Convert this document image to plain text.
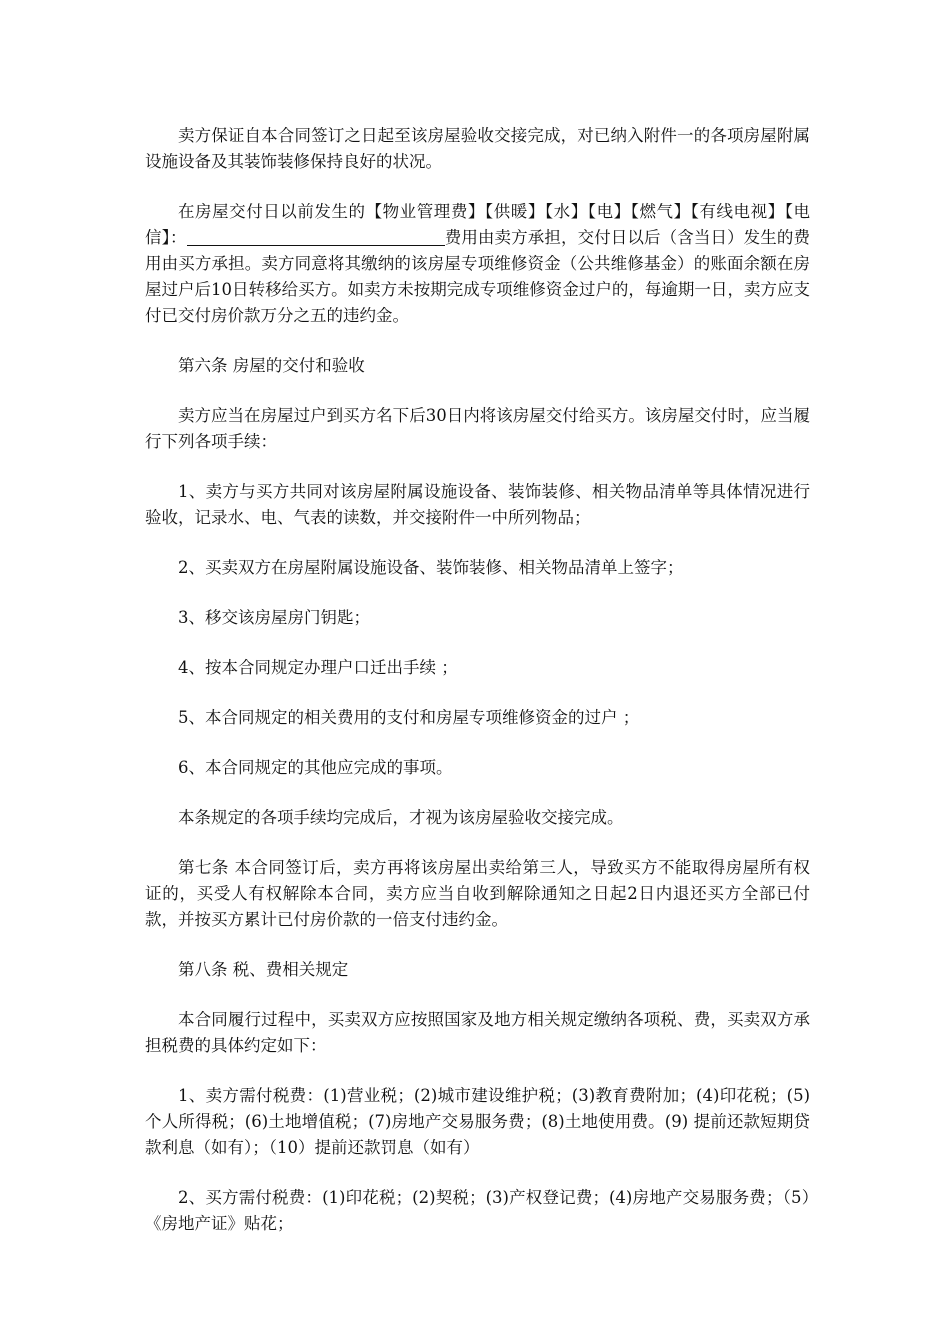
卖方保证自本合同签订之日起至该房屋验收交接完成，对已纳入附件一的各项房屋附属设施设备及其装饰装修保持良好的状况。

在房屋交付日以前发生的【物业管理费】【供暖】【水】【电】【燃气】【有线电视】【电 信】：	费用由卖方承担，交付日以后（含当日）发生的费用由买方承担。卖方同意将其缴纳的该房屋专项维修资金（公共维修基金）的账面余额在房屋过户后10日转移给买方。如卖方未按期完成专项维修资金过户的，每逾期一日，卖方应支付已交付房价款万分之五的违约金。

第六条 房屋的交付和验收

卖方应当在房屋过户到买方名下后30日内将该房屋交付给买方。该房屋交付时，应当履行下列各项手续：

1、卖方与买方共同对该房屋附属设施设备、装饰装修、相关物品清单等具体情况进行验收，记录水、电、气表的读数，并交接附件一中所列物品；

2、买卖双方在房屋附属设施设备、装饰装修、相关物品清单上签字；

3、移交该房屋房门钥匙；

4、按本合同规定办理户口迁出手续 ；

5、本合同规定的相关费用的支付和房屋专项维修资金的过户 ；

6、本合同规定的其他应完成的事项。

本条规定的各项手续均完成后，才视为该房屋验收交接完成。

第七条 本合同签订后，卖方再将该房屋出卖给第三人，导致买方不能取得房屋所有权证的，买受人有权解除本合同，卖方应当自收到解除通知之日起2日内退还买方全部已付款，并按买方累计已付房价款的一倍支付违约金。

第八条 税、费相关规定

本合同履行过程中，买卖双方应按照国家及地方相关规定缴纳各项税、费，买卖双方承担税费的具体约定如下：

1、卖方需付税费：(1)营业税；(2)城市建设维护税；(3)教育费附加；(4)印花税；(5)个人所得税；(6)土地增值税；(7)房地产交易服务费；(8)土地使用费。(9) 提前还款短期贷款利息（如有）；（10）提前还款罚息（如有）

2、买方需付税费：(1)印花税；(2)契税；(3)产权登记费；(4)房地产交易服务费；（5）《房地产证》贴花；
